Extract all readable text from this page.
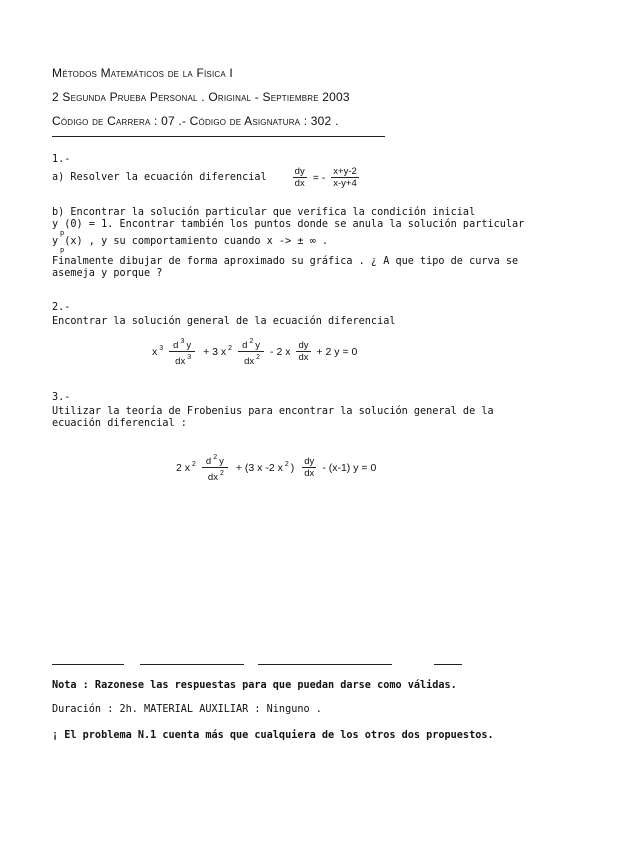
Métodos Matemáticos de la Física I
2 Segunda Prueba Personal . Original - Septiembre 2003
Código de Carrera : 07 .- Código de Asignatura : 302 .
1.-
a) Resolver la ecuación diferencial	$\frac{dy}{dx}$ = - $\frac{x+y-2}{x-y+4}$
b) Encontrar la solución particular que verifica la condición inicial
y (0) = 1. Encontrar también los puntos donde se anula la solución particular
p
y (x) , y su comportamiento cuando x -> ± ∞ .
p
Finalmente dibujar de forma aproximado su gráfica . ¿ A que tipo de curva se
asemeja y porque ?
2.-
Encontrar la solución general de la ecuación diferencial
x $^3 \frac{d ^3 y}{dx ^3} + 3$ x $^2 \frac{d ^2 y}{dx ^2} - 2$ x $\frac{dy}{dx} + 2$ y = 0
3.-
Utilizar la teoría de Frobenius para encontrar la solución general de la
ecuación diferencial :
2 x $^2 \frac{d ^2 y}{dx ^2} + (3$ x -2 x $^2$ ) $\frac{dy}{dx} - (x-1) y = 0$
Nota : Razonese las respuestas para que puedan darse como válidas.
Duración : 2h. MATERIAL AUXILIAR : Ninguno .
¡ El problema N.1 cuenta más que cualquiera de los otros dos propuestos.
